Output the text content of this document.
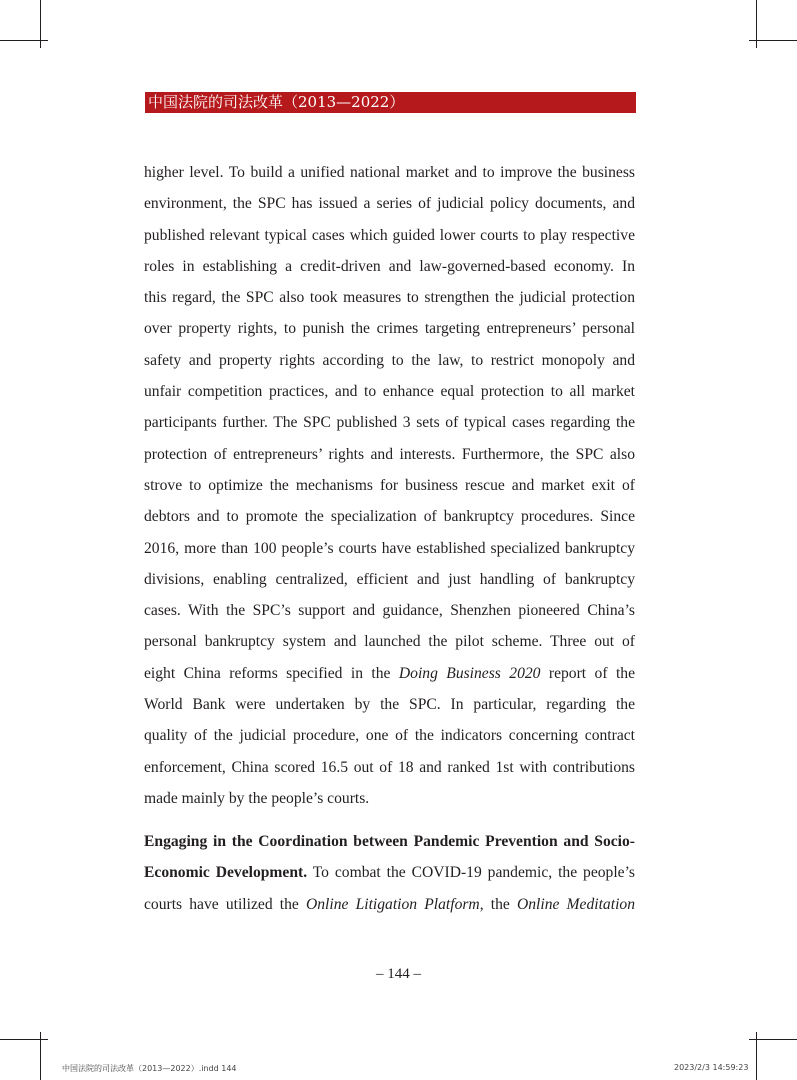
中国法院的司法改革（2013—2022）
higher level. To build a unified national market and to improve the business
environment, the SPC has issued a series of judicial policy documents, and
published relevant typical cases which guided lower courts to play respective
roles in establishing a credit-driven and law-governed-based economy. In
this regard, the SPC also took measures to strengthen the judicial protection
over property rights, to punish the crimes targeting entrepreneurs’ personal
safety and property rights according to the law, to restrict monopoly and
unfair competition practices, and to enhance equal protection to all market
participants further. The SPC published 3 sets of typical cases regarding the
protection of entrepreneurs’ rights and interests. Furthermore, the SPC also
strove to optimize the mechanisms for business rescue and market exit of
debtors and to promote the specialization of bankruptcy procedures. Since
2016, more than 100 people’s courts have established specialized bankruptcy
divisions, enabling centralized, efficient and just handling of bankruptcy
cases. With the SPC’s support and guidance, Shenzhen pioneered China’s
personal bankruptcy system and launched the pilot scheme. Three out of
eight China reforms specified in the Doing Business 2020 report of the
World Bank were undertaken by the SPC. In particular, regarding the
quality of the judicial procedure, one of the indicators concerning contract
enforcement, China scored 16.5 out of 18 and ranked 1st with contributions
made mainly by the people’s courts.
Engaging in the Coordination between Pandemic Prevention and Socio-
Economic Development. To combat the COVID-19 pandemic, the people’s
courts have utilized the Online Litigation Platform, the Online Meditation
– 144 –
中国法院的司法改革（2013—2022）.indd 144	2023/2/3 14:59:23
